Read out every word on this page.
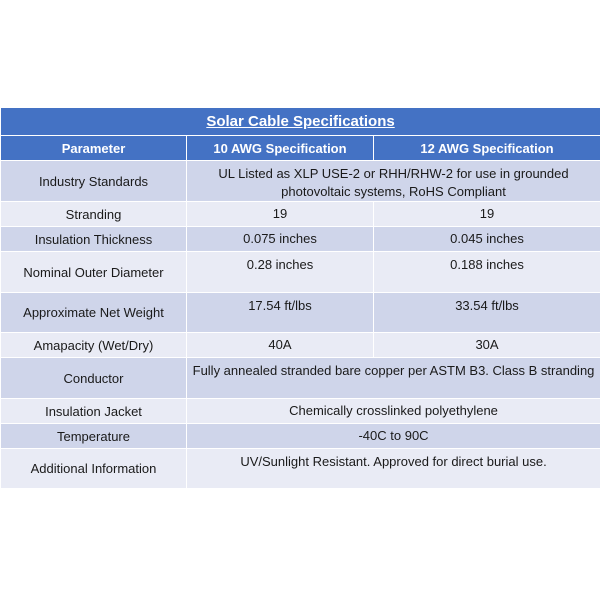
Solar Cable Specifications		
Parameter	10 AWG Specification	12 AWG Specification
Industry Standards	UL Listed as XLP USE-2 or RHH/RHW-2 for use in grounded photovoltaic systems, RoHS Compliant	
Stranding	19	19
Insulation Thickness	0.075 inches	0.045 inches
Nominal Outer Diameter	0.28 inches	0.188 inches
Approximate Net Weight	17.54 ft/lbs	33.54 ft/lbs
Amapacity (Wet/Dry)	40A	30A
Conductor	Fully annealed stranded bare copper per ASTM B3. Class B stranding	
Insulation Jacket	Chemically crosslinked polyethylene	
Temperature	-40C to 90C	
Additional Information	UV/Sunlight Resistant. Approved for direct burial use.	
